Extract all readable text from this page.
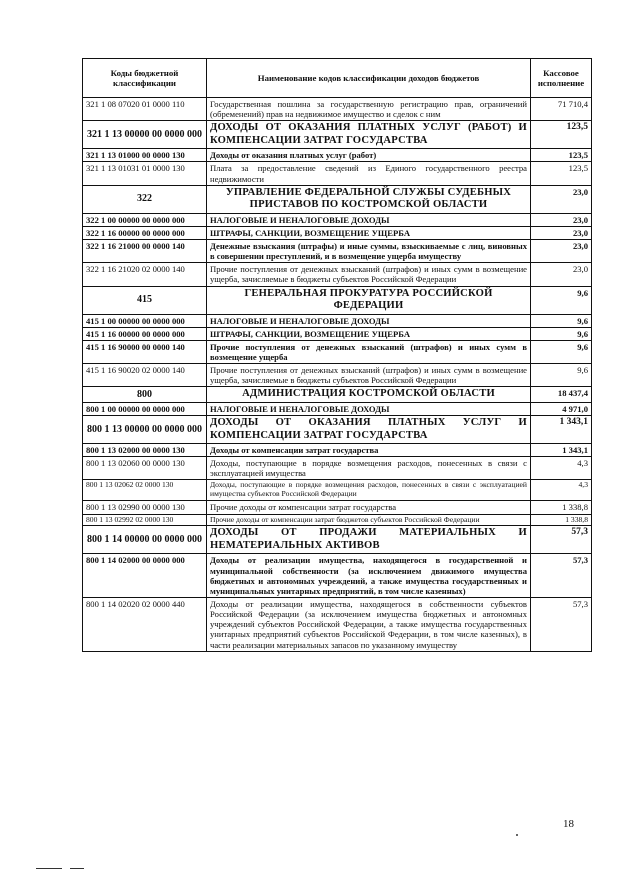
Коды бюджетной классификации	Наименование кодов классификации доходов бюджетов	Кассовое исполнение
321 1 08 07020 01 0000 110	Государственная пошлина за государственную регистрацию прав, ограничений (обременений) прав на недвижимое имущество и сделок с ним	71 710,4
321 1 13 00000 00 0000 000	ДОХОДЫ ОТ ОКАЗАНИЯ ПЛАТНЫХ УСЛУГ (РАБОТ) И КОМПЕНСАЦИИ ЗАТРАТ ГОСУДАРСТВА	123,5
321 1 13 01000 00 0000 130	Доходы от оказания платных услуг (работ)	123,5
321 1 13 01031 01 0000 130	Плата за предоставление сведений из Единого государственного реестра недвижимости	123,5
322	УПРАВЛЕНИЕ ФЕДЕРАЛЬНОЙ СЛУЖБЫ СУДЕБНЫХ ПРИСТАВОВ ПО КОСТРОМСКОЙ ОБЛАСТИ	23,0
322 1 00 00000 00 0000 000	НАЛОГОВЫЕ И НЕНАЛОГОВЫЕ ДОХОДЫ	23,0
322 1 16 00000 00 0000 000	ШТРАФЫ, САНКЦИИ, ВОЗМЕЩЕНИЕ УЩЕРБА	23,0
322 1 16 21000 00 0000 140	Денежные взыскания (штрафы) и иные суммы, взыскиваемые с лиц, виновных в совершении преступлений, и в возмещение ущерба имуществу	23,0
322 1 16 21020 02 0000 140	Прочие поступления от денежных взысканий (штрафов) и иных сумм в возмещение ущерба, зачисляемые в бюджеты субъектов Российской Федерации	23,0
415	ГЕНЕРАЛЬНАЯ ПРОКУРАТУРА РОССИЙСКОЙ ФЕДЕРАЦИИ	9,6
415 1 00 00000 00 0000 000	НАЛОГОВЫЕ И НЕНАЛОГОВЫЕ ДОХОДЫ	9,6
415 1 16 00000 00 0000 000	ШТРАФЫ, САНКЦИИ, ВОЗМЕЩЕНИЕ УЩЕРБА	9,6
415 1 16 90000 00 0000 140	Прочие поступления от денежных взысканий (штрафов) и иных сумм в возмещение ущерба	9,6
415 1 16 90020 02 0000 140	Прочие поступления от денежных взысканий (штрафов) и иных сумм в возмещение ущерба, зачисляемые в бюджеты субъектов Российской Федерации	9,6
800	АДМИНИСТРАЦИЯ КОСТРОМСКОЙ ОБЛАСТИ	18 437,4
800 1 00 00000 00 0000 000	НАЛОГОВЫЕ И НЕНАЛОГОВЫЕ ДОХОДЫ	4 971,0
800 1 13 00000 00 0000 000	ДОХОДЫ ОТ ОКАЗАНИЯ ПЛАТНЫХ УСЛУГ И КОМПЕНСАЦИИ ЗАТРАТ ГОСУДАРСТВА	1 343,1
800 1 13 02000 00 0000 130	Доходы от компенсации затрат государства	1 343,1
800 1 13 02060 00 0000 130	Доходы, поступающие в порядке возмещения расходов, понесенных в связи с эксплуатацией имущества	4,3
800 1 13 02062 02 0000 130	Доходы, поступающие в порядке возмещения расходов, понесенных в связи с эксплуатацией имущества субъектов Российской Федерации	4,3
800 1 13 02990 00 0000 130	Прочие доходы от компенсации затрат государства	1 338,8
800 1 13 02992 02 0000 130	Прочие доходы от компенсации затрат бюджетов субъектов Российской Федерации	1 338,8
800 1 14 00000 00 0000 000	ДОХОДЫ ОТ ПРОДАЖИ МАТЕРИАЛЬНЫХ И НЕМАТЕРИАЛЬНЫХ АКТИВОВ	57,3
800 1 14 02000 00 0000 000	Доходы от реализации имущества, находящегося в государственной и муниципальной собственности (за исключением движимого имущества бюджетных и автономных учреждений, а также имущества государственных и муниципальных унитарных предприятий, в том числе казенных)	57,3
800 1 14 02020 02 0000 440	Доходы от реализации имущества, находящегося в собственности субъектов Российской Федерации (за исключением имущества бюджетных и автономных учреждений субъектов Российской Федерации, а также имущества государственных унитарных предприятий субъектов Российской Федерации, в том числе казенных), в части реализации материальных запасов по указанному имуществу	57,3
18
